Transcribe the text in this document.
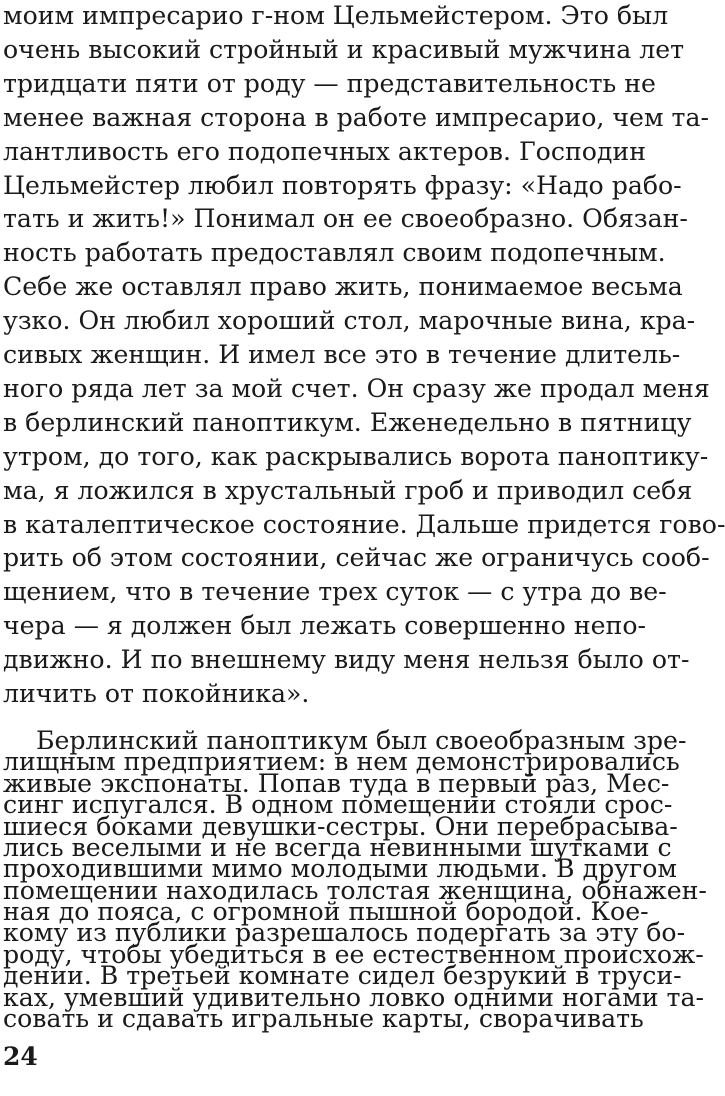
моим импресарио г-ном Цельмейстером. Это был
очень высокий стройный и красивый мужчина лет
тридцати пяти от роду — представительность не
менее важная сторона в работе импресарио, чем та-
лантливость его подопечных актеров. Господин
Цельмейстер любил повторять фразу: «Надо рабо-
тать и жить!» Понимал он ее своеобразно. Обязан-
ность работать предоставлял своим подопечным.
Себе же оставлял право жить, понимаемое весьма
узко. Он любил хороший стол, марочные вина, кра-
сивых женщин. И имел все это в течение длитель-
ного ряда лет за мой счет. Он сразу же продал меня
в берлинский паноптикум. Еженедельно в пятницу
утром, до того, как раскрывались ворота паноптику-
ма, я ложился в хрустальный гроб и приводил себя
в каталептическое состояние. Дальше придется гово-
рить об этом состоянии, сейчас же ограничусь сооб-
щением, что в течение трех суток — с утра до ве-
чера — я должен был лежать совершенно непо-
движно. И по внешнему виду меня нельзя было от-
личить от покойника».
Берлинский паноптикум был своеобразным зре-
лищным предприятием: в нем демонстрировались
живые экспонаты. Попав туда в первый раз, Мес-
синг испугался. В одном помещении стояли срос-
шиеся боками девушки-сестры. Они перебрасыва-
лись веселыми и не всегда невинными шутками с
проходившими мимо молодыми людьми. В другом
помещении находилась толстая женщина, обнажен-
ная до пояса, с огромной пышной бородой. Кое-
кому из публики разрешалось подергать за эту бо-
роду, чтобы убедиться в ее естественном происхож-
дении. В третьей комнате сидел безрукий в труси-
ках, умевший удивительно ловко одними ногами та-
совать и сдавать игральные карты, сворачивать
24
